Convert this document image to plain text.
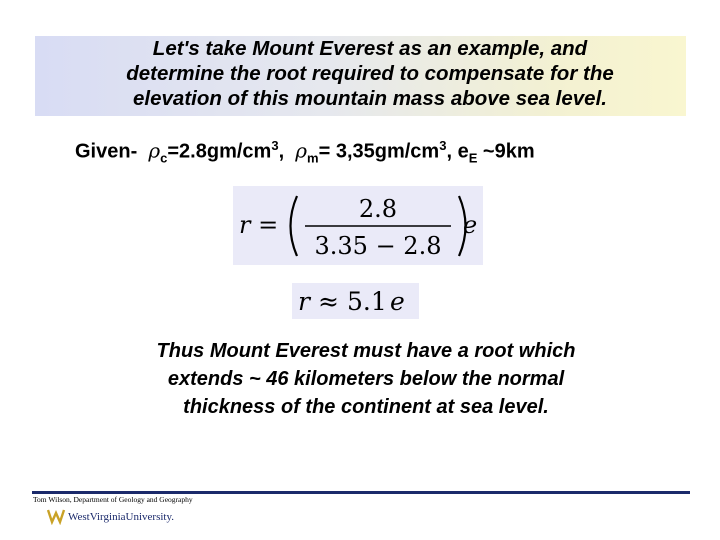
Let's take Mount Everest as an example, and
determine the root required to compensate for the
elevation of this mountain mass above sea level.

Given- $\rho_c=2.8gm/cm^3$, $\rho_m= 3,35gm/cm^3$, $e_E$ ~9km
r =
2.8
3.35 − 2.8
e
r ≈ 5.1 e

Thus Mount Everest must have a root which
extends ~ 46 kilometers below the normal
thickness of the continent at sea level.

Tom Wilson, Department of Geology and Geography
WestVirginiaUniversity.
